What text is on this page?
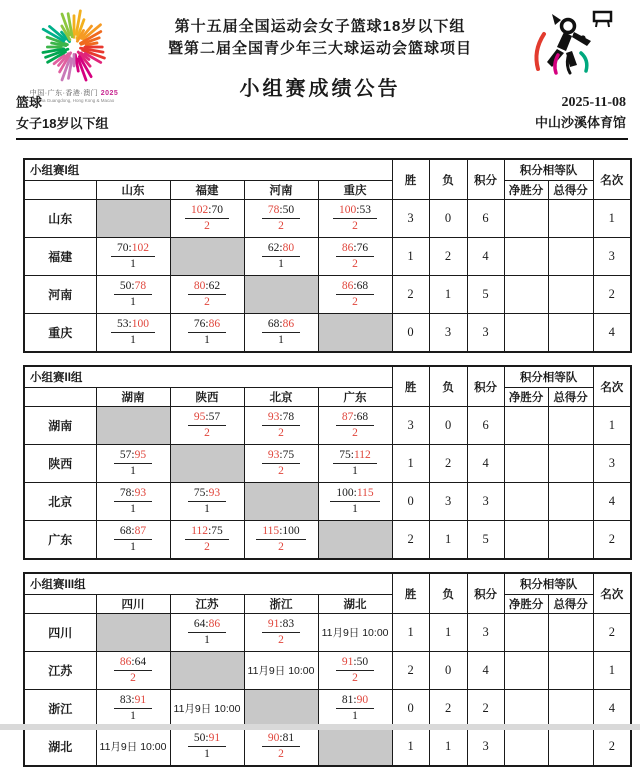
中国·广东·香港·澳门 2025
China Guangdong, Hong Kong & Macao
第十五届全国运动会女子篮球18岁以下组
暨第二届全国青少年三大球运动会篮球项目
小组赛成绩公告
篮球
女子18岁以下组
2025-11-08
中山沙溪体育馆
小组赛I组					胜	负	积分	积分相等队		名次
	山东	福建	河南	重庆				净胜分	总得分	
山东		$\frac{102:70}{2}$	$\frac{78:50}{2}$	$\frac{100:53}{2}$	3	0	6			1
福建	$\frac{70:102}{1}$		$\frac{62:80}{1}$	$\frac{86:76}{2}$	1	2	4			3
河南	$\frac{50:78}{1}$	$\frac{80:62}{2}$		$\frac{86:68}{2}$	2	1	5			2
重庆	$\frac{53:100}{1}$	$\frac{76:86}{1}$	$\frac{68:86}{1}$		0	3	3			4
小组赛II组					胜	负	积分	积分相等队		名次
	湖南	陕西	北京	广东				净胜分	总得分	
湖南		$\frac{95:57}{2}$	$\frac{93:78}{2}$	$\frac{87:68}{2}$	3	0	6			1
陕西	$\frac{57:95}{1}$		$\frac{93:75}{2}$	$\frac{75:112}{1}$	1	2	4			3
北京	$\frac{78:93}{1}$	$\frac{75:93}{1}$		$\frac{100:115}{1}$	0	3	3			4
广东	$\frac{68:87}{1}$	$\frac{112:75}{2}$	$\frac{115:100}{2}$		2	1	5			2
小组赛III组					胜	负	积分	积分相等队		名次
	四川	江苏	浙江	湖北				净胜分	总得分	
四川		$\frac{64:86}{1}$	$\frac{91:83}{2}$	11月9日 10:00	1	1	3			2
江苏	$\frac{86:64}{2}$		11月9日 10:00	$\frac{91:50}{2}$	2	0	4			1
浙江	$\frac{83:91}{1}$	11月9日 10:00		$\frac{81:90}{1}$	0	2	2			4
湖北	11月9日 10:00	$\frac{50:91}{1}$	$\frac{90:81}{2}$		1	1	3			2
